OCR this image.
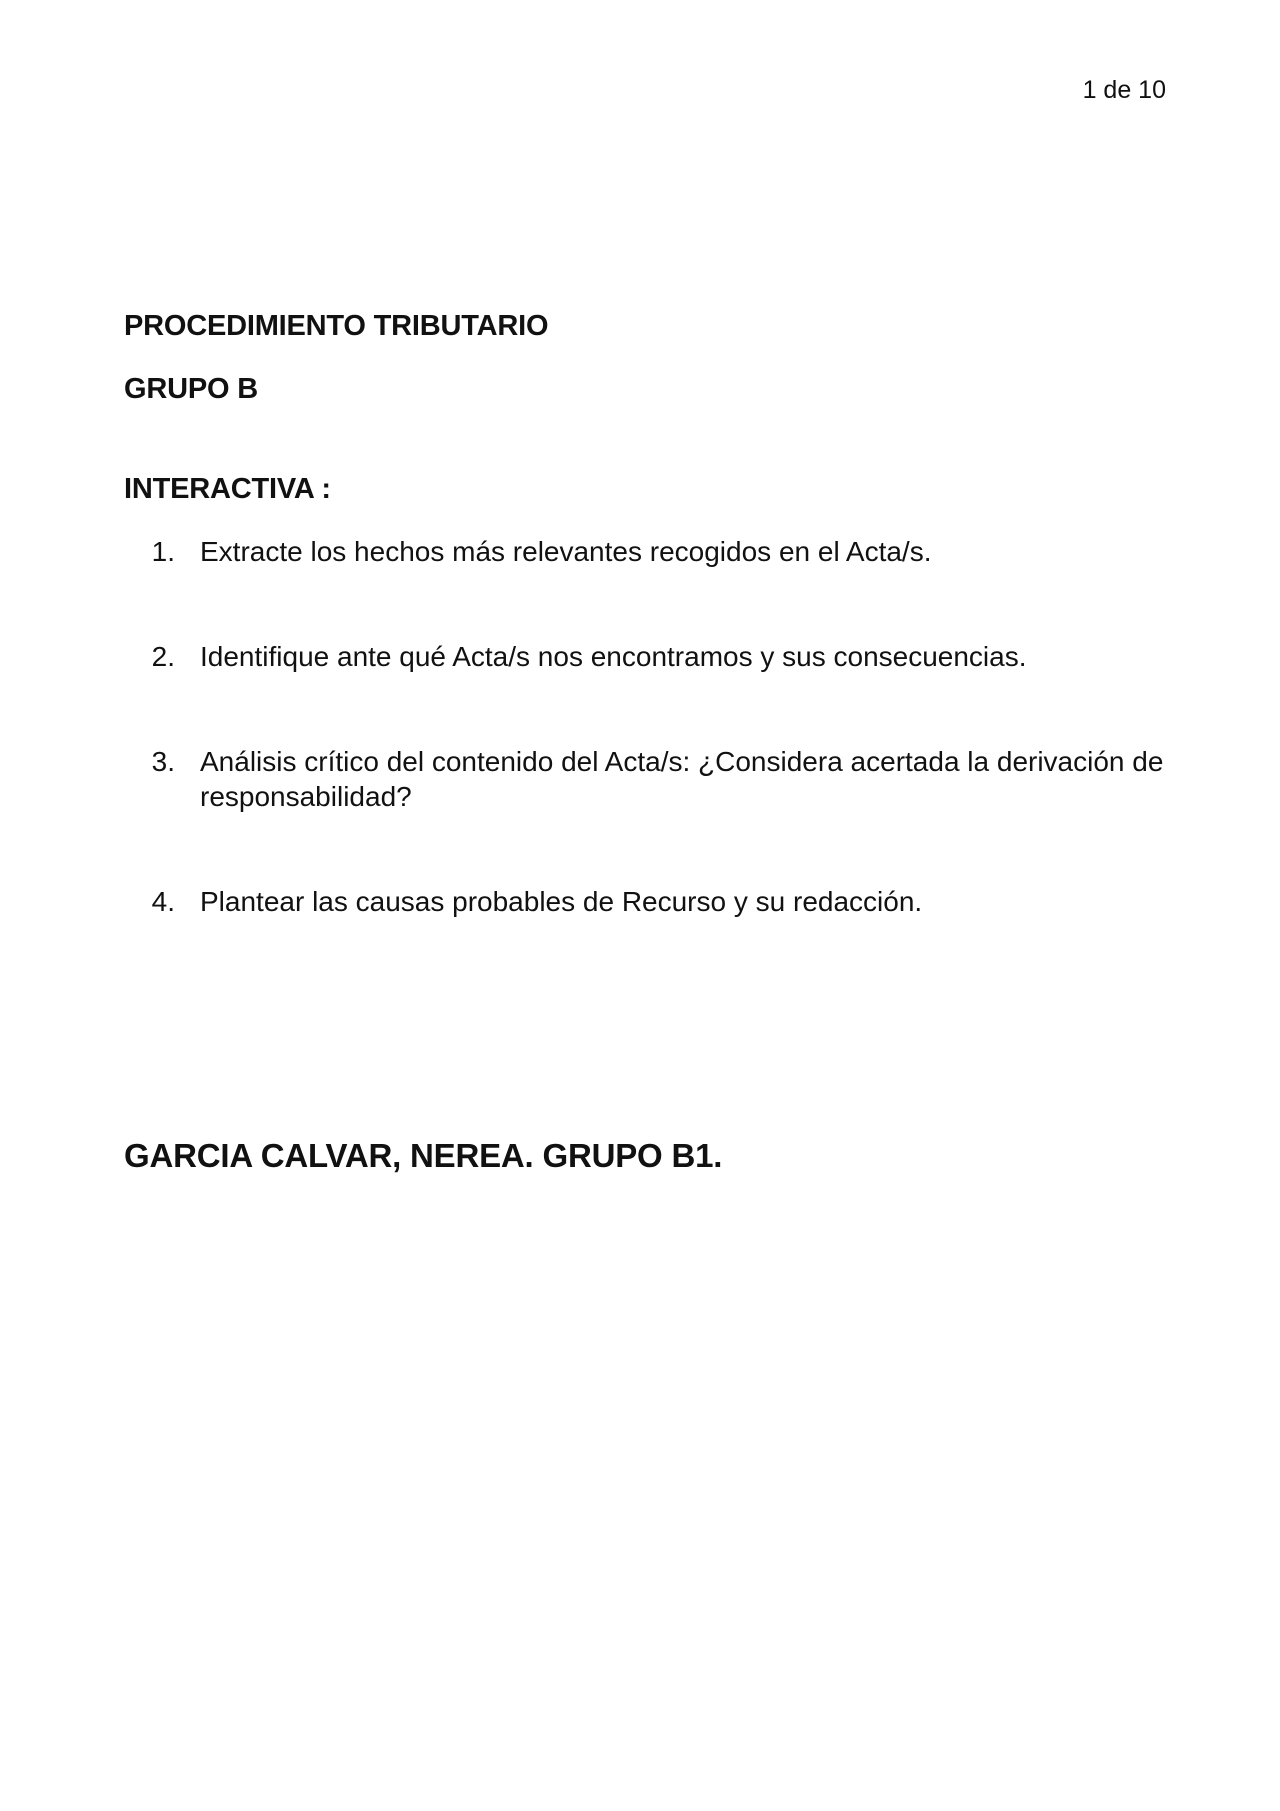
1 de 10
PROCEDIMIENTO TRIBUTARIO
GRUPO B
INTERACTIVA :
1. Extracte los hechos más relevantes recogidos en el Acta/s.
2. Identifique ante qué Acta/s nos encontramos y sus consecuencias.
3. Análisis crítico del contenido del Acta/s: ¿Considera acertada la derivación de responsabilidad?
4. Plantear las causas probables de Recurso y su redacción.
GARCIA CALVAR, NEREA. GRUPO B1.
